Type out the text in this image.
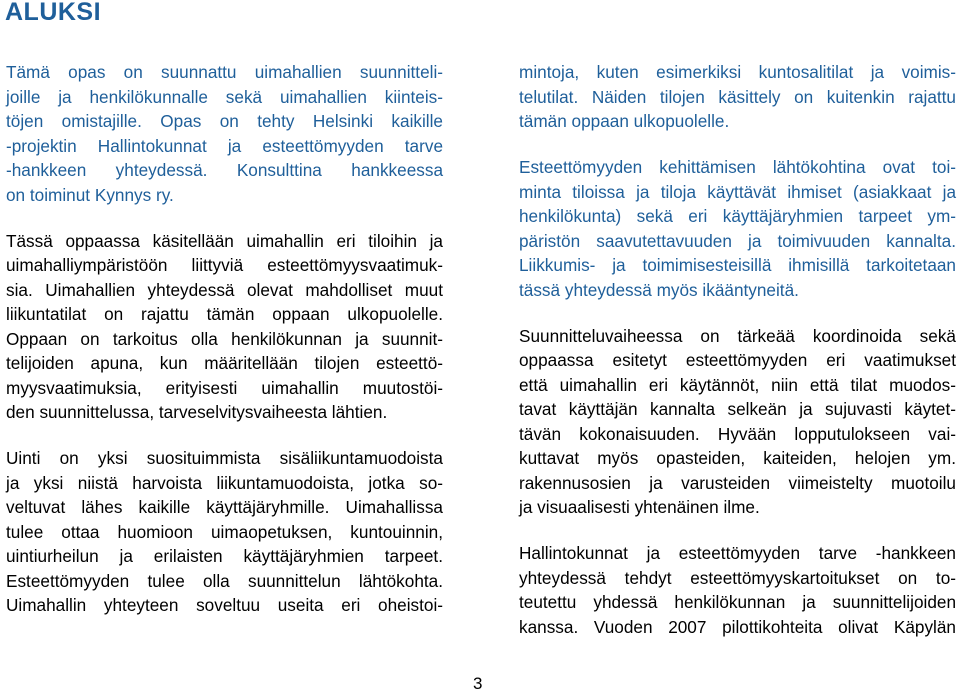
ALUKSI
Tämä opas on suunnattu uimahallien suunnitteli-
joille ja henkilökunnalle sekä uimahallien kiinteis-
töjen omistajille. Opas on tehty Helsinki kaikille
-projektin Hallintokunnat ja esteettömyyden tarve
-hankkeen yhteydessä. Konsulttina hankkeessa
on toiminut Kynnys ry.
Tässä oppaassa käsitellään uimahallin eri tiloihin ja
uimahalliympäristöön liittyviä esteettömyysvaatimuk-
sia. Uimahallien yhteydessä olevat mahdolliset muut
liikuntatilat on rajattu tämän oppaan ulkopuolelle.
Oppaan on tarkoitus olla henkilökunnan ja suunnit-
telijoiden apuna, kun määritellään tilojen esteettö-
myysvaatimuksia, erityisesti uimahallin muutostöi-
den suunnittelussa, tarveselvitysvaiheesta lähtien.
Uinti on yksi suosituimmista sisäliikuntamuodoista
ja yksi niistä harvoista liikuntamuodoista, jotka so-
veltuvat lähes kaikille käyttäjäryhmille. Uimahallissa
tulee ottaa huomioon uimaopetuksen, kuntouinnin,
uintiurheilun ja erilaisten käyttäjäryhmien tarpeet.
Esteettömyyden tulee olla suunnittelun lähtökohta.
Uimahallin yhteyteen soveltuu useita eri oheistoi-
mintoja, kuten esimerkiksi kuntosalitilat ja voimis-
telutilat. Näiden tilojen käsittely on kuitenkin rajattu
tämän oppaan ulkopuolelle.
Esteettömyyden kehittämisen lähtökohtina ovat toi-
minta tiloissa ja tiloja käyttävät ihmiset (asiakkaat ja
henkilökunta) sekä eri käyttäjäryhmien tarpeet ym-
päristön saavutettavuuden ja toimivuuden kannalta.
Liikkumis- ja toimimisesteisillä ihmisillä tarkoitetaan
tässä yhteydessä myös ikääntyneitä.
Suunnitteluvaiheessa on tärkeää koordinoida sekä
oppaassa esitetyt esteettömyyden eri vaatimukset
että uimahallin eri käytännöt, niin että tilat muodos-
tavat käyttäjän kannalta selkeän ja sujuvasti käytet-
tävän kokonaisuuden. Hyvään lopputulokseen vai-
kuttavat myös opasteiden, kaiteiden, helojen ym.
rakennusosien ja varusteiden viimeistelty muotoilu
ja visuaalisesti yhtenäinen ilme.
Hallintokunnat ja esteettömyyden tarve -hankkeen
yhteydessä tehdyt esteettömyyskartoitukset on to-
teutettu yhdessä henkilökunnan ja suunnittelijoiden
kanssa. Vuoden 2007 pilottikohteita olivat Käpylän
3
